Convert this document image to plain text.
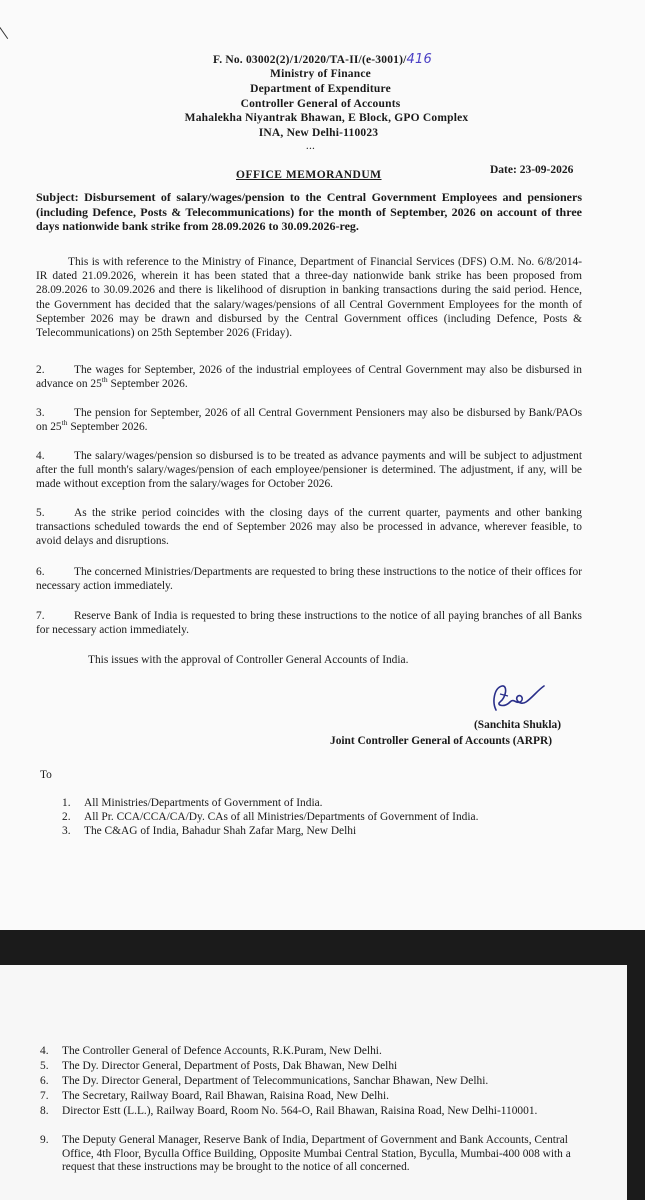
F. No. 03002(2)/1/2020/TA-II/(e-3001)/416
Ministry of Finance
Department of Expenditure
Controller General of Accounts
Mahalekha Niyantrak Bhawan, E Block, GPO Complex
INA, New Delhi-110023
...
Date: 23-09-2026
OFFICE MEMORANDUM
Subject: Disbursement of salary/wages/pension to the Central Government Employees and pensioners (including Defence, Posts & Telecommunications) for the month of September, 2026 on account of three days nationwide bank strike from 28.09.2026 to 30.09.2026-reg.
This is with reference to the Ministry of Finance, Department of Financial Services (DFS) O.M. No. 6/8/2014-IR dated 21.09.2026, wherein it has been stated that a three-day nationwide bank strike has been proposed from 28.09.2026 to 30.09.2026 and there is likelihood of disruption in banking transactions during the said period. Hence, the Government has decided that the salary/wages/pensions of all Central Government Employees for the month of September 2026 may be drawn and disbursed by the Central Government offices (including Defence, Posts & Telecommunications) on 25th September 2026 (Friday).
2.	The wages for September, 2026 of the industrial employees of Central Government may also be disbursed in advance on 25th September 2026.
3.	The pension for September, 2026 of all Central Government Pensioners may also be disbursed by Bank/PAOs on 25th September 2026.
4.	The salary/wages/pension so disbursed is to be treated as advance payments and will be subject to adjustment after the full month's salary/wages/pension of each employee/pensioner is determined. The adjustment, if any, will be made without exception from the salary/wages for October 2026.
5.	As the strike period coincides with the closing days of the current quarter, payments and other banking transactions scheduled towards the end of September 2026 may also be processed in advance, wherever feasible, to avoid delays and disruptions.
6.	The concerned Ministries/Departments are requested to bring these instructions to the notice of their offices for necessary action immediately.
7.	Reserve Bank of India is requested to bring these instructions to the notice of all paying branches of all Banks for necessary action immediately.
This issues with the approval of Controller General Accounts of India.
(Sanchita Shukla)
Joint Controller General of Accounts (ARPR)
To
1. All Ministries/Departments of Government of India.
2. All Pr. CCA/CCA/CA/Dy. CAs of all Ministries/Departments of Government of India.
3. The C&AG of India, Bahadur Shah Zafar Marg, New Delhi
4. The Controller General of Defence Accounts, R.K.Puram, New Delhi.
5. The Dy. Director General, Department of Posts, Dak Bhawan, New Delhi
6. The Dy. Director General, Department of Telecommunications, Sanchar Bhawan, New Delhi.
7. The Secretary, Railway Board, Rail Bhawan, Raisina Road, New Delhi.
8. Director Estt (L.L.), Railway Board, Room No. 564-O, Rail Bhawan, Raisina Road, New Delhi-110001.
9. The Deputy General Manager, Reserve Bank of India, Department of Government and Bank Accounts, Central Office, 4th Floor, Byculla Office Building, Opposite Mumbai Central Station, Byculla, Mumbai-400 008 with a request that these instructions may be brought to the notice of all concerned.
